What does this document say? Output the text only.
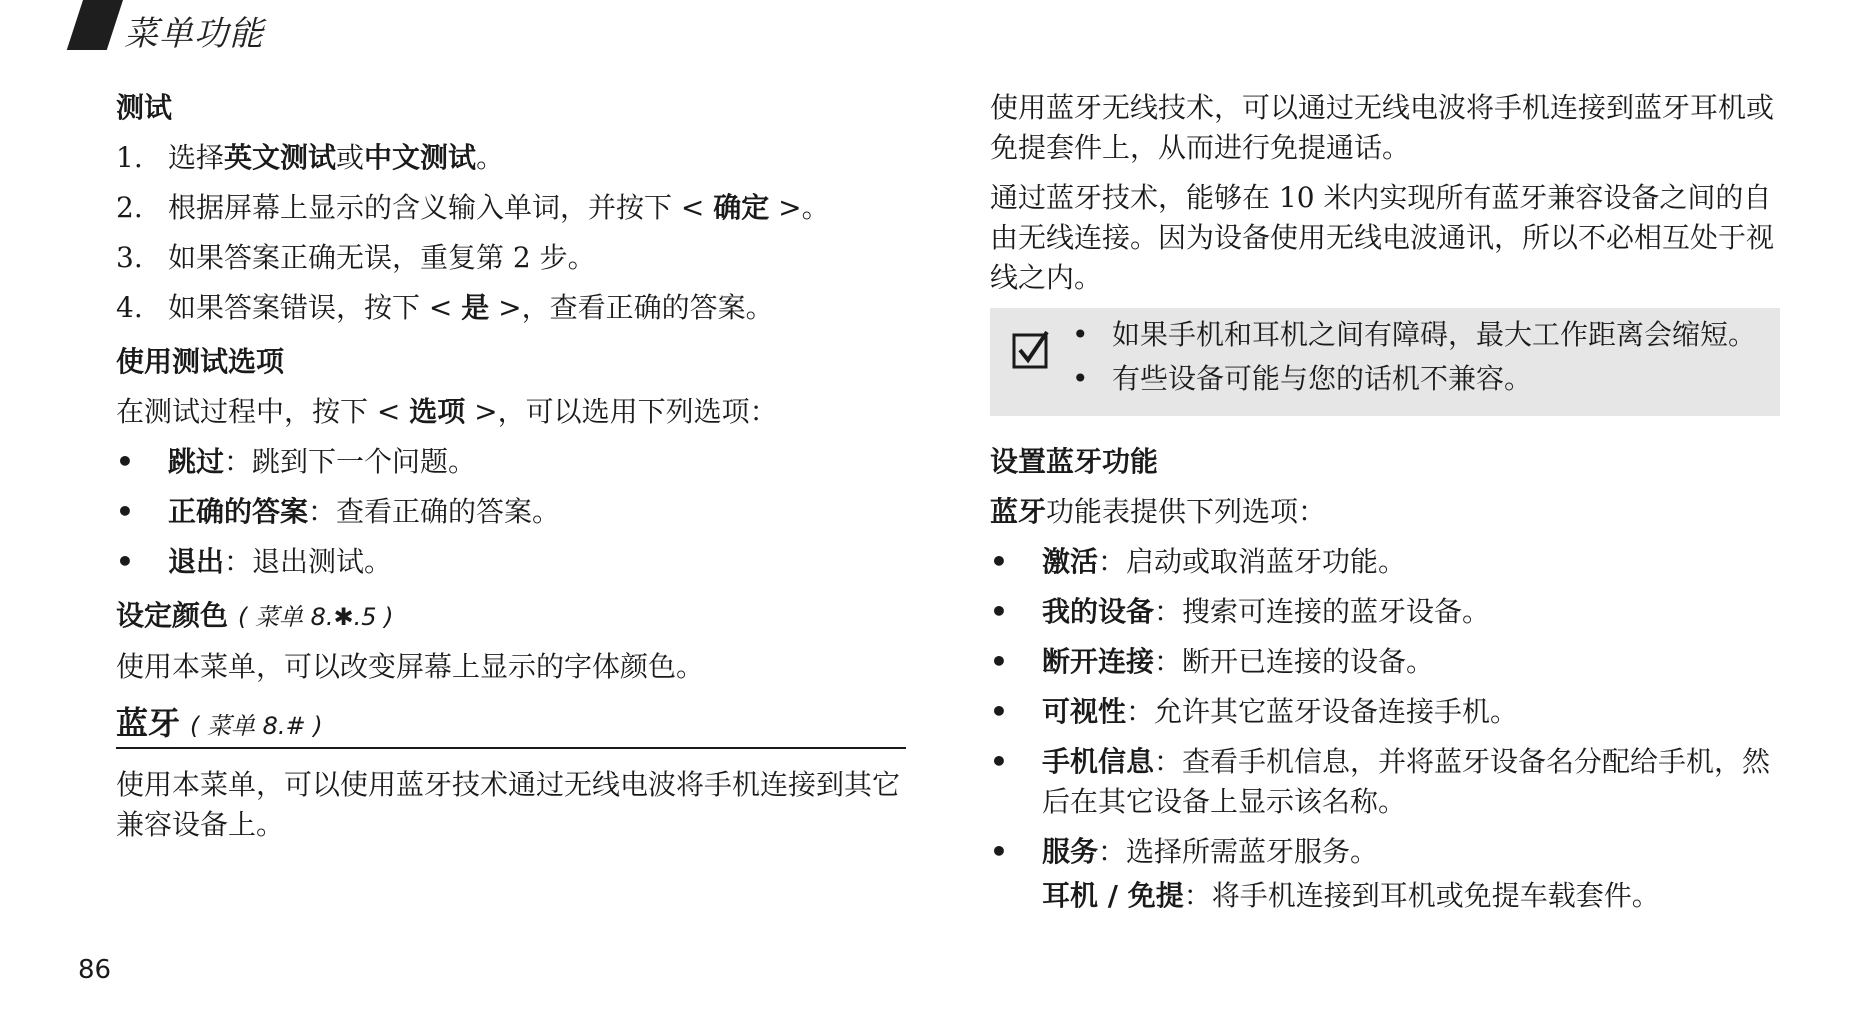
菜单功能
测试
1. 选择英文测试或中文测试。
2. 根据屏幕上显示的含义输入单词，并按下 < 确定 >。
3. 如果答案正确无误，重复第 2 步。
4. 如果答案错误，按下 < 是 >，查看正确的答案。
使用测试选项
在测试过程中，按下 < 选项 >，可以选用下列选项：
•	跳过：跳到下一个问题。
•	正确的答案：查看正确的答案。
•	退出：退出测试。
设定颜色 ( 菜单 8.✱.5 )
使用本菜单，可以改变屏幕上显示的字体颜色。
蓝牙 ( 菜单 8.# )
使用本菜单，可以使用蓝牙技术通过无线电波将手机连接到其它兼容设备上。
使用蓝牙无线技术，可以通过无线电波将手机连接到蓝牙耳机或免提套件上，从而进行免提通话。
通过蓝牙技术，能够在 10 米内实现所有蓝牙兼容设备之间的自由无线连接。因为设备使用无线电波通讯，所以不必相互处于视线之内。
• 如果手机和耳机之间有障碍，最大工作距离会缩短。
• 有些设备可能与您的话机不兼容。
设置蓝牙功能
蓝牙功能表提供下列选项：
•	激活：启动或取消蓝牙功能。
•	我的设备：搜索可连接的蓝牙设备。
•	断开连接：断开已连接的设备。
•	可视性：允许其它蓝牙设备连接手机。
•	手机信息：查看手机信息，并将蓝牙设备名分配给手机，然后在其它设备上显示该名称。
•	服务：选择所需蓝牙服务。
耳机 / 免提：将手机连接到耳机或免提车载套件。
86
